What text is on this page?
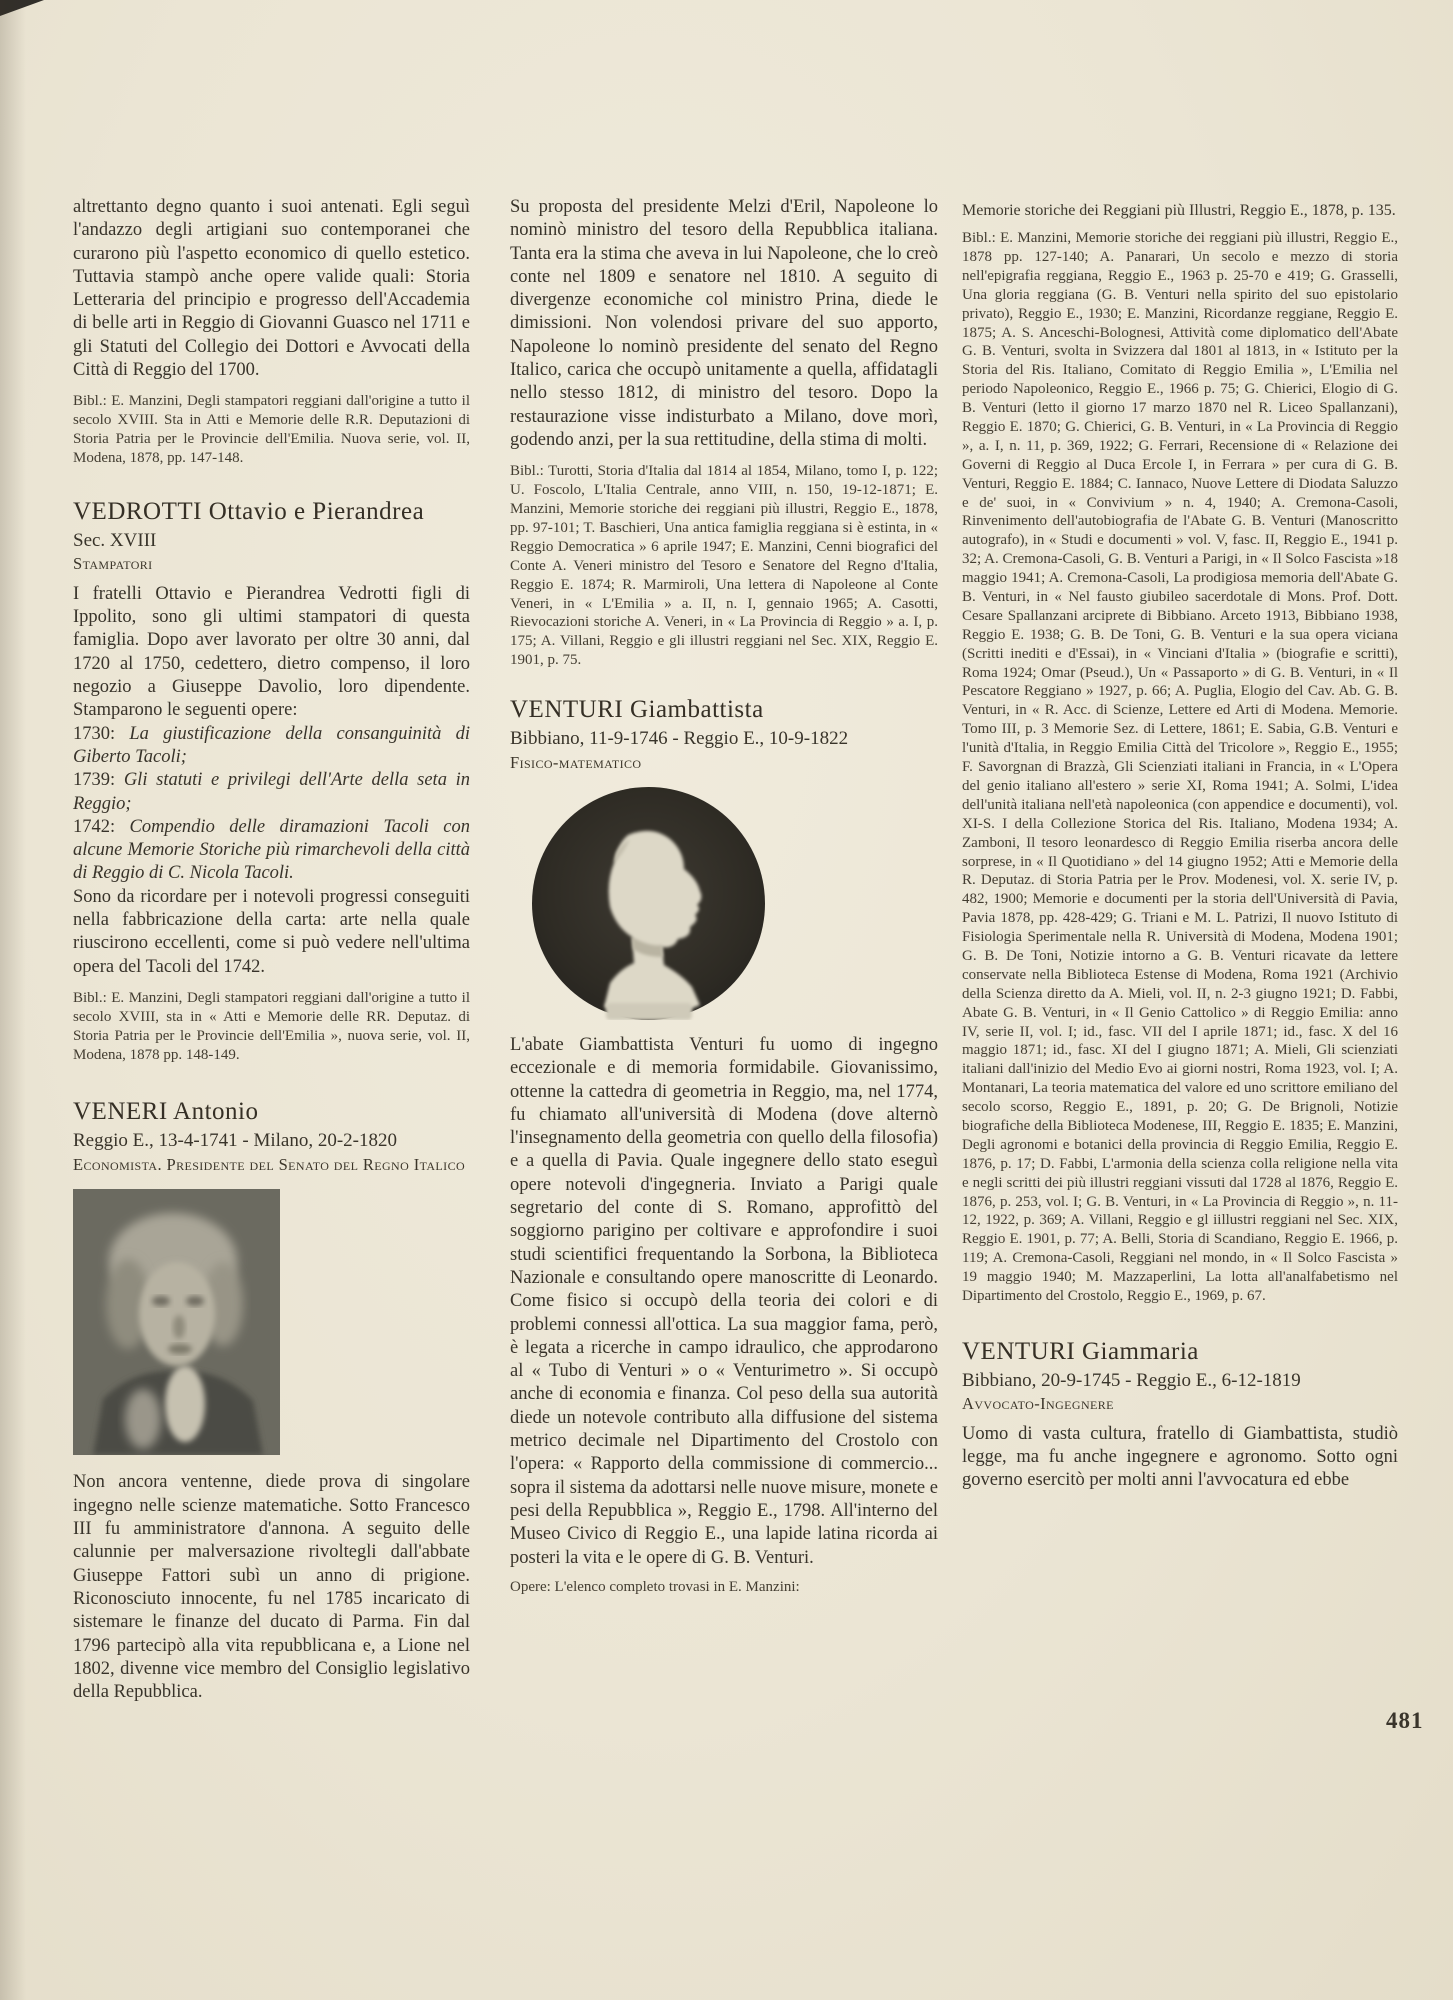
altrettanto degno quanto i suoi antenati. Egli seguì l'andazzo degli artigiani suo contemporanei che curarono più l'aspetto economico di quello estetico. Tuttavia stampò anche opere valide quali: Storia Letteraria del principio e progresso dell'Accademia di belle arti in Reggio di Giovanni Guasco nel 1711 e gli Statuti del Collegio dei Dottori e Avvocati della Città di Reggio del 1700.

Bibl.: E. Manzini, Degli stampatori reggiani dall'origine a tutto il secolo XVIII. Sta in Atti e Memorie delle R.R. Deputazioni di Storia Patria per le Provincie dell'Emilia. Nuova serie, vol. II, Modena, 1878, pp. 147-148.

VEDROTTI Ottavio e Pierandrea
Sec. XVIII
Stampatori

I fratelli Ottavio e Pierandrea Vedrotti figli di Ippolito, sono gli ultimi stampatori di questa famiglia. Dopo aver lavorato per oltre 30 anni, dal 1720 al 1750, cedettero, dietro compenso, il loro negozio a Giuseppe Davolio, loro dipendente. Stamparono le seguenti opere:

1730: La giustificazione della consanguinità di Giberto Tacoli;

1739: Gli statuti e privilegi dell'Arte della seta in Reggio;

1742: Compendio delle diramazioni Tacoli con alcune Memorie Storiche più rimarchevoli della città di Reggio di C. Nicola Tacoli.

Sono da ricordare per i notevoli progressi conseguiti nella fabbricazione della carta: arte nella quale riuscirono eccellenti, come si può vedere nell'ultima opera del Tacoli del 1742.

Bibl.: E. Manzini, Degli stampatori reggiani dall'origine a tutto il secolo XVIII, sta in « Atti e Memorie delle RR. Deputaz. di Storia Patria per le Provincie dell'Emilia », nuova serie, vol. II, Modena, 1878 pp. 148-149.

VENERI Antonio
Reggio E., 13-4-1741 - Milano, 20-2-1820
Economista. Presidente del Senato del Regno Italico

Non ancora ventenne, diede prova di singolare ingegno nelle scienze matematiche. Sotto Francesco III fu amministratore d'annona. A seguito delle calunnie per malversazione rivoltegli dall'abbate Giuseppe Fattori subì un anno di prigione. Riconosciuto innocente, fu nel 1785 incaricato di sistemare le finanze del ducato di Parma. Fin dal 1796 partecipò alla vita repubblicana e, a Lione nel 1802, divenne vice membro del Consiglio legislativo della Repubblica.

Su proposta del presidente Melzi d'Eril, Napoleone lo nominò ministro del tesoro della Repubblica italiana. Tanta era la stima che aveva in lui Napoleone, che lo creò conte nel 1809 e senatore nel 1810. A seguito di divergenze economiche col ministro Prina, diede le dimissioni. Non volendosi privare del suo apporto, Napoleone lo nominò presidente del senato del Regno Italico, carica che occupò unitamente a quella, affidatagli nello stesso 1812, di ministro del tesoro. Dopo la restaurazione visse indisturbato a Milano, dove morì, godendo anzi, per la sua rettitudine, della stima di molti.

Bibl.: Turotti, Storia d'Italia dal 1814 al 1854, Milano, tomo I, p. 122; U. Foscolo, L'Italia Centrale, anno VIII, n. 150, 19-12-1871; E. Manzini, Memorie storiche dei reggiani più illustri, Reggio E., 1878, pp. 97-101; T. Baschieri, Una antica famiglia reggiana si è estinta, in « Reggio Democratica » 6 aprile 1947; E. Manzini, Cenni biografici del Conte A. Veneri ministro del Tesoro e Senatore del Regno d'Italia, Reggio E. 1874; R. Marmiroli, Una lettera di Napoleone al Conte Veneri, in « L'Emilia » a. II, n. I, gennaio 1965; A. Casotti, Rievocazioni storiche A. Veneri, in « La Provincia di Reggio » a. I, p. 175; A. Villani, Reggio e gli illustri reggiani nel Sec. XIX, Reggio E. 1901, p. 75.

VENTURI Giambattista
Bibbiano, 11-9-1746 - Reggio E., 10-9-1822
Fisico-matematico

L'abate Giambattista Venturi fu uomo di ingegno eccezionale e di memoria formidabile. Giovanissimo, ottenne la cattedra di geometria in Reggio, ma, nel 1774, fu chiamato all'università di Modena (dove alternò l'insegnamento della geometria con quello della filosofia) e a quella di Pavia. Quale ingegnere dello stato eseguì opere notevoli d'ingegneria. Inviato a Parigi quale segretario del conte di S. Romano, approfittò del soggiorno parigino per coltivare e approfondire i suoi studi scientifici frequentando la Sorbona, la Biblioteca Nazionale e consultando opere manoscritte di Leonardo. Come fisico si occupò della teoria dei colori e di problemi connessi all'ottica. La sua maggior fama, però, è legata a ricerche in campo idraulico, che approdarono al « Tubo di Venturi » o « Venturimetro ». Si occupò anche di economia e finanza. Col peso della sua autorità diede un notevole contributo alla diffusione del sistema metrico decimale nel Dipartimento del Crostolo con l'opera: « Rapporto della commissione di commercio... sopra il sistema da adottarsi nelle nuove misure, monete e pesi della Repubblica », Reggio E., 1798. All'interno del Museo Civico di Reggio E., una lapide latina ricorda ai posteri la vita e le opere di G. B. Venturi.

Opere: L'elenco completo trovasi in E. Manzini:

Memorie storiche dei Reggiani più Illustri, Reggio E., 1878, p. 135.

Bibl.: E. Manzini, Memorie storiche dei reggiani più illustri, Reggio E., 1878 pp. 127-140; A. Panarari, Un secolo e mezzo di storia nell'epigrafia reggiana, Reggio E., 1963 p. 25-70 e 419; G. Grasselli, Una gloria reggiana (G. B. Venturi nella spirito del suo epistolario privato), Reggio E., 1930; E. Manzini, Ricordanze reggiane, Reggio E. 1875; A. S. Anceschi-Bolognesi, Attività come diplomatico dell'Abate G. B. Venturi, svolta in Svizzera dal 1801 al 1813, in « Istituto per la Storia del Ris. Italiano, Comitato di Reggio Emilia », L'Emilia nel periodo Napoleonico, Reggio E., 1966 p. 75; G. Chierici, Elogio di G. B. Venturi (letto il giorno 17 marzo 1870 nel R. Liceo Spallanzani), Reggio E. 1870; G. Chierici, G. B. Venturi, in « La Provincia di Reggio », a. I, n. 11, p. 369, 1922; G. Ferrari, Recensione di « Relazione dei Governi di Reggio al Duca Ercole I, in Ferrara » per cura di G. B. Venturi, Reggio E. 1884; C. Iannaco, Nuove Lettere di Diodata Saluzzo e de' suoi, in « Convivium » n. 4, 1940; A. Cremona-Casoli, Rinvenimento dell'autobiografia de l'Abate G. B. Venturi (Manoscritto autografo), in « Studi e documenti » vol. V, fasc. II, Reggio E., 1941 p. 32; A. Cremona-Casoli, G. B. Venturi a Parigi, in « Il Solco Fascista »18 maggio 1941; A. Cremona-Casoli, La prodigiosa memoria dell'Abate G. B. Venturi, in « Nel fausto giubileo sacerdotale di Mons. Prof. Dott. Cesare Spallanzani arciprete di Bibbiano. Arceto 1913, Bibbiano 1938, Reggio E. 1938; G. B. De Toni, G. B. Venturi e la sua opera viciana (Scritti inediti e d'Essai), in « Vinciani d'Italia » (biografie e scritti), Roma 1924; Omar (Pseud.), Un « Passaporto » di G. B. Venturi, in « Il Pescatore Reggiano » 1927, p. 66; A. Puglia, Elogio del Cav. Ab. G. B. Venturi, in « R. Acc. di Scienze, Lettere ed Arti di Modena. Memorie. Tomo III, p. 3 Memorie Sez. di Lettere, 1861; E. Sabia, G.B. Venturi e l'unità d'Italia, in Reggio Emilia Città del Tricolore », Reggio E., 1955; F. Savorgnan di Brazzà, Gli Scienziati italiani in Francia, in « L'Opera del genio italiano all'estero » serie XI, Roma 1941; A. Solmi, L'idea dell'unità italiana nell'età napoleonica (con appendice e documenti), vol. XI-S. I della Collezione Storica del Ris. Italiano, Modena 1934; A. Zamboni, Il tesoro leonardesco di Reggio Emilia riserba ancora delle sorprese, in « Il Quotidiano » del 14 giugno 1952; Atti e Memorie della R. Deputaz. di Storia Patria per le Prov. Modenesi, vol. X. serie IV, p. 482, 1900; Memorie e documenti per la storia dell'Università di Pavia, Pavia 1878, pp. 428-429; G. Triani e M. L. Patrizi, Il nuovo Istituto di Fisiologia Sperimentale nella R. Università di Modena, Modena 1901; G. B. De Toni, Notizie intorno a G. B. Venturi ricavate da lettere conservate nella Biblioteca Estense di Modena, Roma 1921 (Archivio della Scienza diretto da A. Mieli, vol. II, n. 2-3 giugno 1921; D. Fabbi, Abate G. B. Venturi, in « Il Genio Cattolico » di Reggio Emilia: anno IV, serie II, vol. I; id., fasc. VII del I aprile 1871; id., fasc. X del 16 maggio 1871; id., fasc. XI del I giugno 1871; A. Mieli, Gli scienziati italiani dall'inizio del Medio Evo ai giorni nostri, Roma 1923, vol. I; A. Montanari, La teoria matematica del valore ed uno scrittore emiliano del secolo scorso, Reggio E., 1891, p. 20; G. De Brignoli, Notizie biografiche della Biblioteca Modenese, III, Reggio E. 1835; E. Manzini, Degli agronomi e botanici della provincia di Reggio Emilia, Reggio E. 1876, p. 17; D. Fabbi, L'armonia della scienza colla religione nella vita e negli scritti dei più illustri reggiani vissuti dal 1728 al 1876, Reggio E. 1876, p. 253, vol. I; G. B. Venturi, in « La Provincia di Reggio », n. 11-12, 1922, p. 369; A. Villani, Reggio e gl iillustri reggiani nel Sec. XIX, Reggio E. 1901, p. 77; A. Belli, Storia di Scandiano, Reggio E. 1966, p. 119; A. Cremona-Casoli, Reggiani nel mondo, in « Il Solco Fascista » 19 maggio 1940; M. Mazzaperlini, La lotta all'analfabetismo nel Dipartimento del Crostolo, Reggio E., 1969, p. 67.

VENTURI Giammaria
Bibbiano, 20-9-1745 - Reggio E., 6-12-1819
Avvocato-Ingegnere

Uomo di vasta cultura, fratello di Giambattista, studiò legge, ma fu anche ingegnere e agronomo. Sotto ogni governo esercitò per molti anni l'avvocatura ed ebbe

481
